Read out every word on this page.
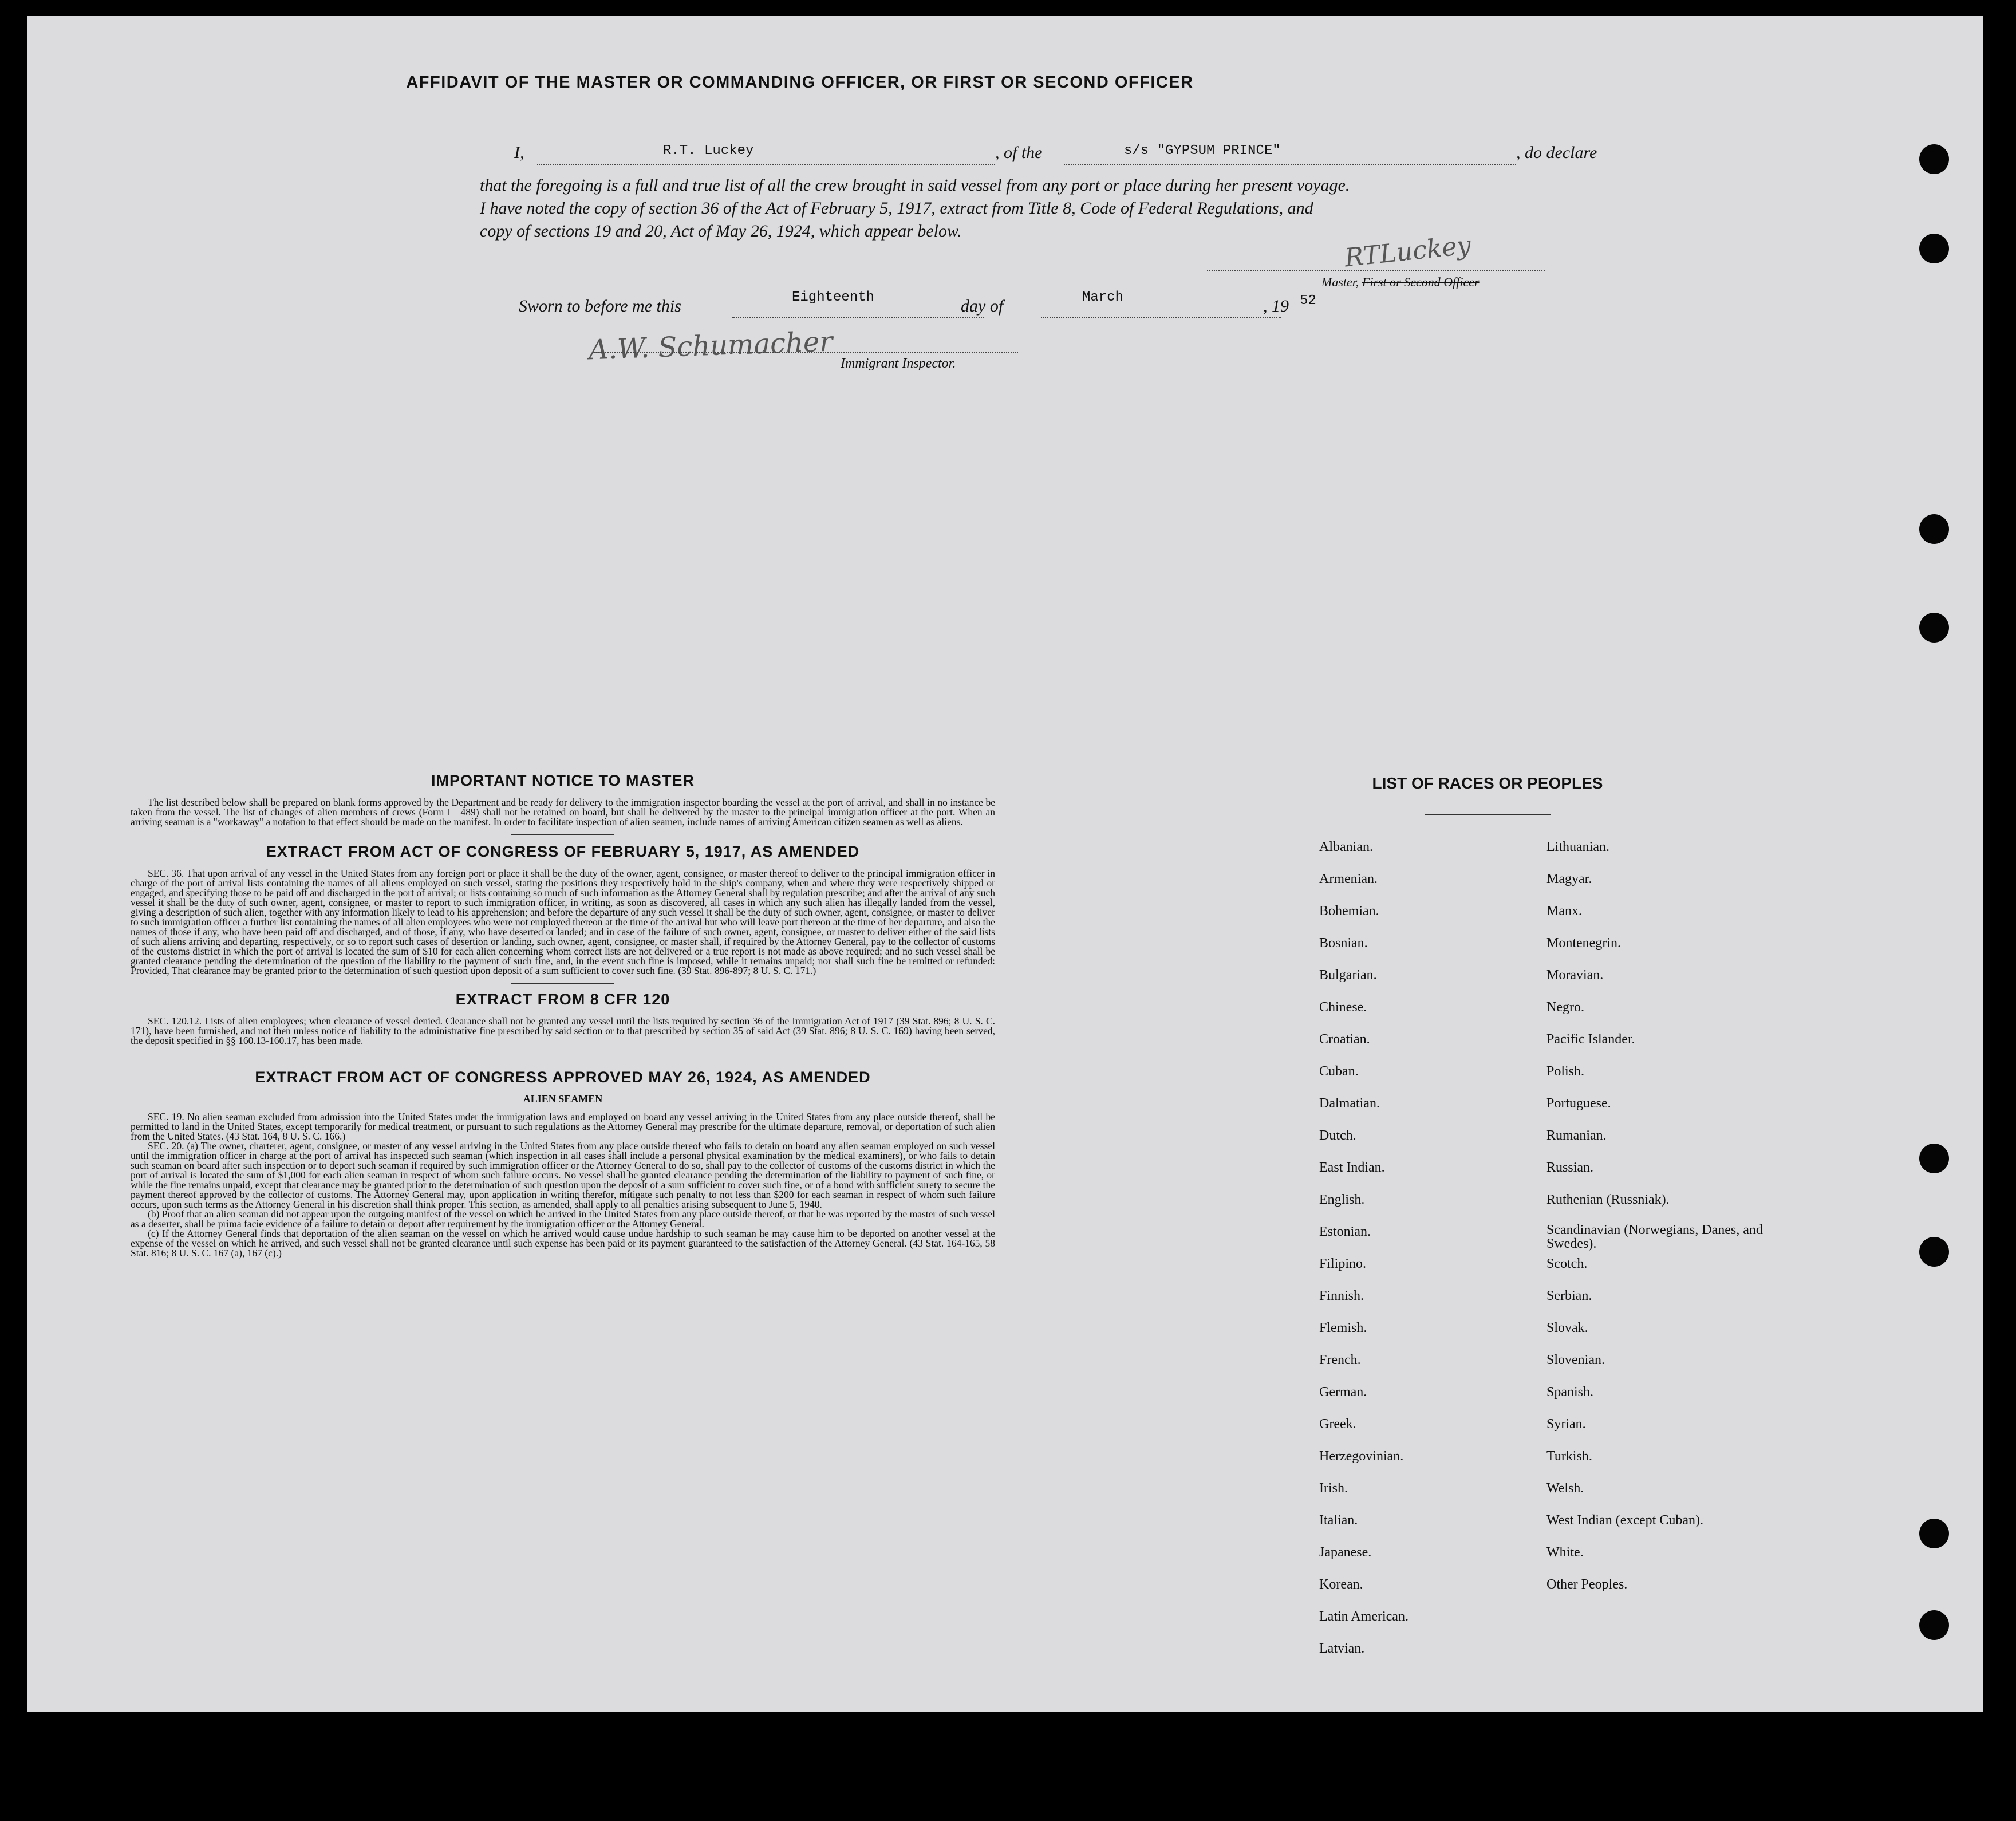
AFFIDAVIT OF THE MASTER OR COMMANDING OFFICER, OR FIRST OR SECOND OFFICER
I,	R.T. Luckey	, of the	s/s "GYPSUM PRINCE"	, do declare
that the foregoing is a full and true list of all the crew brought in said vessel from any port or place during her present voyage.
I have noted the copy of section 36 of the Act of February 5, 1917, extract from Title 8, Code of Federal Regulations, and
copy of sections 19 and 20, Act of May 26, 1924, which appear below.	RTLuckey
Master, First or Second Officer
Sworn to before me this	Eighteenth	day of	March	, 19 52
A.W. Schumacher Immigrant Inspector.
IMPORTANT NOTICE TO MASTER

The list described below shall be prepared on blank forms approved by the Department and be ready for delivery to the immigration inspector boarding the vessel at the port of arrival, and shall in no instance be taken from the vessel. The list of changes of alien members of crews (Form I—489) shall not be retained on board, but shall be delivered by the master to the principal immigration officer at the port. When an arriving seaman is a "workaway" a notation to that effect should be made on the manifest. In order to facilitate inspection of alien seamen, include names of arriving American citizen seamen as well as aliens.

EXTRACT FROM ACT OF CONGRESS OF FEBRUARY 5, 1917, AS AMENDED

SEC. 36. That upon arrival of any vessel in the United States from any foreign port or place it shall be the duty of the owner, agent, consignee, or master thereof to deliver to the principal immigration officer in charge of the port of arrival lists containing the names of all aliens employed on such vessel, stating the positions they respectively hold in the ship's company, when and where they were respectively shipped or engaged, and specifying those to be paid off and discharged in the port of arrival; or lists containing so much of such information as the Attorney General shall by regulation prescribe; and after the arrival of any such vessel it shall be the duty of such owner, agent, consignee, or master to report to such immigration officer, in writing, as soon as discovered, all cases in which any such alien has illegally landed from the vessel, giving a description of such alien, together with any information likely to lead to his apprehension; and before the departure of any such vessel it shall be the duty of such owner, agent, consignee, or master to deliver to such immigration officer a further list containing the names of all alien employees who were not employed thereon at the time of the arrival but who will leave port thereon at the time of her departure, and also the names of those if any, who have been paid off and discharged, and of those, if any, who have deserted or landed; and in case of the failure of such owner, agent, consignee, or master to deliver either of the said lists of such aliens arriving and departing, respectively, or so to report such cases of desertion or landing, such owner, agent, consignee, or master shall, if required by the Attorney General, pay to the collector of customs of the customs district in which the port of arrival is located the sum of $10 for each alien concerning whom correct lists are not delivered or a true report is not made as above required; and no such vessel shall be granted clearance pending the determination of the question of the liability to the payment of such fine, and, in the event such fine is imposed, while it remains unpaid; nor shall such fine be remitted or refunded: Provided, That clearance may be granted prior to the determination of such question upon deposit of a sum sufficient to cover such fine. (39 Stat. 896-897; 8 U. S. C. 171.)

EXTRACT FROM 8 CFR 120

SEC. 120.12. Lists of alien employees; when clearance of vessel denied. Clearance shall not be granted any vessel until the lists required by section 36 of the Immigration Act of 1917 (39 Stat. 896; 8 U. S. C. 171), have been furnished, and not then unless notice of liability to the administrative fine prescribed by said section or to that prescribed by section 35 of said Act (39 Stat. 896; 8 U. S. C. 169) having been served, the deposit specified in §§ 160.13-160.17, has been made.

EXTRACT FROM ACT OF CONGRESS APPROVED MAY 26, 1924, AS AMENDED
ALIEN SEAMEN

SEC. 19. No alien seaman excluded from admission into the United States under the immigration laws and employed on board any vessel arriving in the United States from any place outside thereof, shall be permitted to land in the United States, except temporarily for medical treatment, or pursuant to such regulations as the Attorney General may prescribe for the ultimate departure, removal, or deportation of such alien from the United States. (43 Stat. 164, 8 U. S. C. 166.)

SEC. 20. (a) The owner, charterer, agent, consignee, or master of any vessel arriving in the United States from any place outside thereof who fails to detain on board any alien seaman employed on such vessel until the immigration officer in charge at the port of arrival has inspected such seaman (which inspection in all cases shall include a personal physical examination by the medical examiners), or who fails to detain such seaman on board after such inspection or to deport such seaman if required by such immigration officer or the Attorney General to do so, shall pay to the collector of customs of the customs district in which the port of arrival is located the sum of $1,000 for each alien seaman in respect of whom such failure occurs. No vessel shall be granted clearance pending the determination of the liability to payment of such fine, or while the fine remains unpaid, except that clearance may be granted prior to the determination of such question upon the deposit of a sum sufficient to cover such fine, or of a bond with sufficient surety to secure the payment thereof approved by the collector of customs. The Attorney General may, upon application in writing therefor, mitigate such penalty to not less than $200 for each seaman in respect of whom such failure occurs, upon such terms as the Attorney General in his discretion shall think proper. This section, as amended, shall apply to all penalties arising subsequent to June 5, 1940.

(b) Proof that an alien seaman did not appear upon the outgoing manifest of the vessel on which he arrived in the United States from any place outside thereof, or that he was reported by the master of such vessel as a deserter, shall be prima facie evidence of a failure to detain or deport after requirement by the immigration officer or the Attorney General.

(c) If the Attorney General finds that deportation of the alien seaman on the vessel on which he arrived would cause undue hardship to such seaman he may cause him to be deported on another vessel at the expense of the vessel on which he arrived, and such vessel shall not be granted clearance until such expense has been paid or its payment guaranteed to the satisfaction of the Attorney General. (43 Stat. 164-165, 58 Stat. 816; 8 U. S. C. 167 (a), 167 (c).)

LIST OF RACES OR PEOPLES
Albanian.
Armenian.
Bohemian.
Bosnian.
Bulgarian.
Chinese.
Croatian.
Cuban.
Dalmatian.
Dutch.
East Indian.
English.
Estonian.
Filipino.
Finnish.
Flemish.
French.
German.
Greek.
Herzegovinian.
Irish.
Italian.
Japanese.
Korean.
Latin American.
Latvian.
Lithuanian.
Magyar.
Manx.
Montenegrin.
Moravian.
Negro.
Pacific Islander.
Polish.
Portuguese.
Rumanian.
Russian.
Ruthenian (Russniak).
Scandinavian (Norwegians, Danes, and Swedes).
Scotch.
Serbian.
Slovak.
Slovenian.
Spanish.
Syrian.
Turkish.
Welsh.
West Indian (except Cuban).
White.
Other Peoples.
